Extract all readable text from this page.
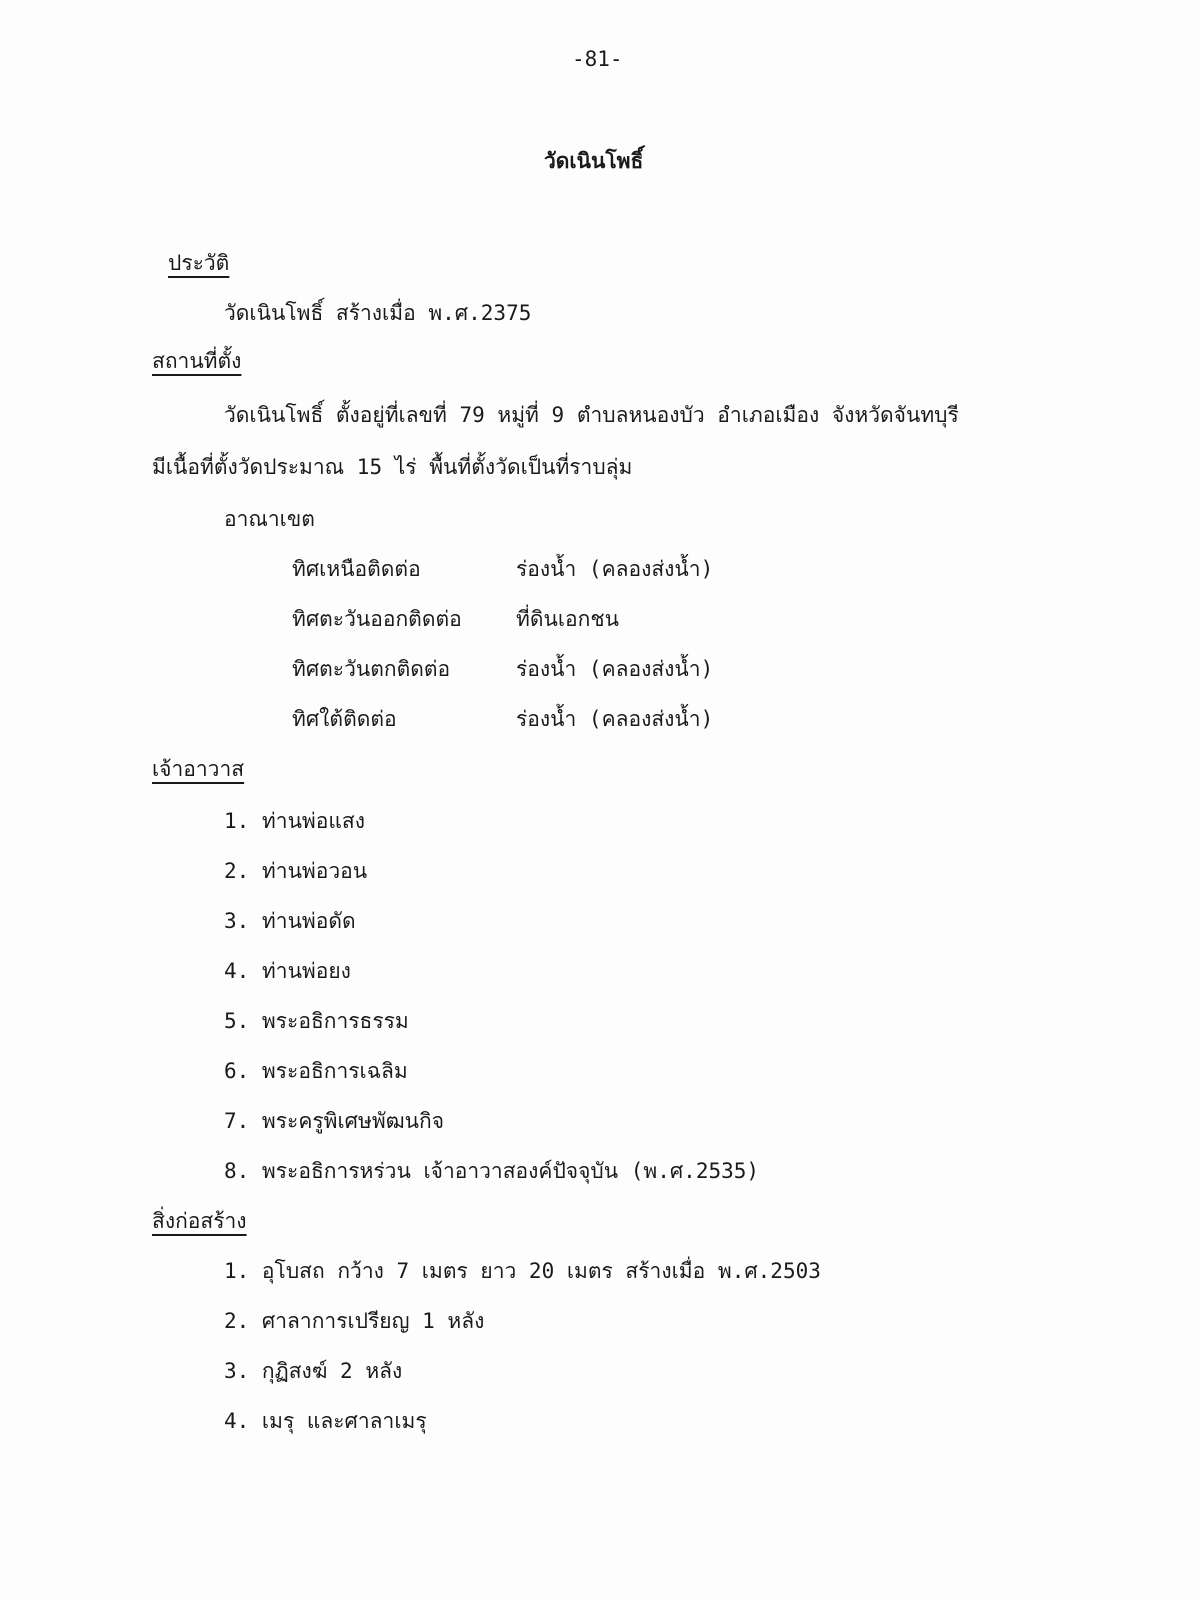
-81-
วัดเนินโพธิ์
ประวัติ
วัดเนินโพธิ์ สร้างเมื่อ พ.ศ.2375
สถานที่ตั้ง
วัดเนินโพธิ์ ตั้งอยู่ที่เลขที่ 79 หมู่ที่ 9 ตำบลหนองบัว อำเภอเมือง จังหวัดจันทบุรี
มีเนื้อที่ตั้งวัดประมาณ 15 ไร่ พื้นที่ตั้งวัดเป็นที่ราบลุ่ม
อาณาเขต
ทิศเหนือติดต่อ	ร่องน้ำ (คลองส่งน้ำ)
ทิศตะวันออกติดต่อ	ที่ดินเอกชน
ทิศตะวันตกติดต่อ	ร่องน้ำ (คลองส่งน้ำ)
ทิศใต้ติดต่อ	ร่องน้ำ (คลองส่งน้ำ)
เจ้าอาวาส
1. ท่านพ่อแสง
2. ท่านพ่อวอน
3. ท่านพ่อดัด
4. ท่านพ่อยง
5. พระอธิการธรรม
6. พระอธิการเฉลิม
7. พระครูพิเศษพัฒนกิจ
8. พระอธิการหร่วน เจ้าอาวาสองค์ปัจจุบัน (พ.ศ.2535)
สิ่งก่อสร้าง
1. อุโบสถ กว้าง 7 เมตร ยาว 20 เมตร สร้างเมื่อ พ.ศ.2503
2. ศาลาการเปรียญ 1 หลัง
3. กุฏิสงฆ์ 2 หลัง
4. เมรุ และศาลาเมรุ
